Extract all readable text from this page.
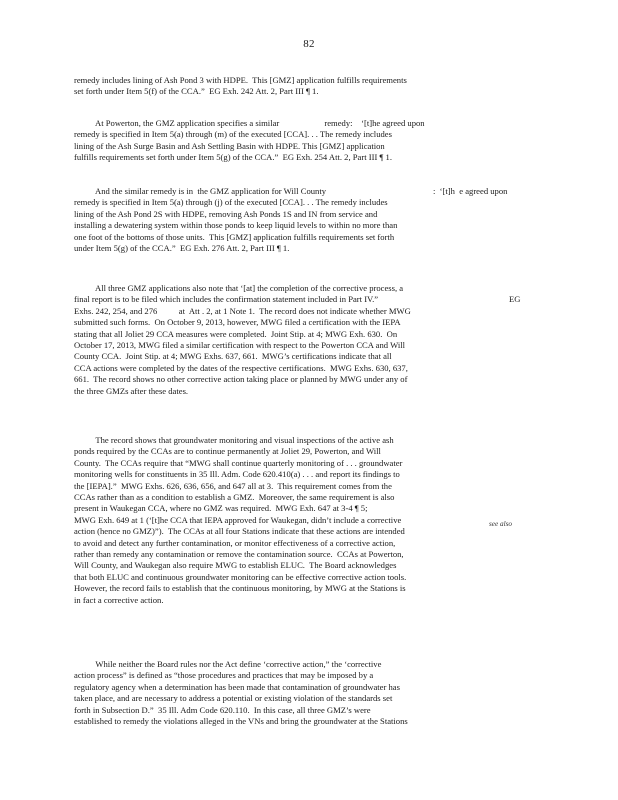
82
remedy includes lining of Ash Pond 3 with HDPE.  This [GMZ] application fulfills requirements
set forth under Item 5(f) of the CCA.”  EG Exh. 242 Att. 2, Part III ¶ 1.
At Powerton, the GMZ application specifies a similar                     remedy:    ‘[t]he agreed upon
remedy is specified in Item 5(a) through (m) of the executed [CCA]. . . The remedy includes
lining of the Ash Surge Basin and Ash Settling Basin with HDPE. This [GMZ] application
fulfills requirements set forth under Item 5(g) of the CCA.”  EG Exh. 254 Att. 2, Part III ¶ 1.
And the similar remedy is in  the GMZ application for Will County
remedy is specified in Item 5(a) through (j) of the executed [CCA]. . . The remedy includes
lining of the Ash Pond 2S with HDPE, removing Ash Ponds 1S and IN from service and
installing a dewatering system within those ponds to keep liquid levels to within no more than
one foot of the bottoms of those units.  This [GMZ] application fulfills requirements set forth
under Item 5(g) of the CCA.”  EG Exh. 276 Att. 2, Part III ¶ 1.
:  ‘[t]h  e agreed upon
All three GMZ applications also note that ‘[at] the completion of the corrective process, a
final report is to be filed which includes the confirmation statement included in Part IV.”
Exhs. 242, 254, and 276          at  Att . 2, at 1 Note 1.  The record does not indicate whether MWG
submitted such forms.  On October 9, 2013, however, MWG filed a certification with the IEPA
stating that all Joliet 29 CCA measures were completed.  Joint Stip. at 4; MWG Exh. 630.  On
October 17, 2013, MWG filed a similar certification with respect to the Powerton CCA and Will
County CCA.  Joint Stip. at 4; MWG Exhs. 637, 661.  MWG’s certifications indicate that all
CCA actions were completed by the dates of the respective certifications.  MWG Exhs. 630, 637,
661.  The record shows no other corrective action taking place or planned by MWG under any of
the three GMZs after these dates.
EG
The record shows that groundwater monitoring and visual inspections of the active ash
ponds required by the CCAs are to continue permanently at Joliet 29, Powerton, and Will
County.  The CCAs require that “MWG shall continue quarterly monitoring of . . . groundwater
monitoring wells for constituents in 35 Ill. Adm. Code 620.410(a) . . . and report its findings to
the [IEPA].”  MWG Exhs. 626, 636, 656, and 647 all at 3.  This requirement comes from the
CCAs rather than as a condition to establish a GMZ.  Moreover, the same requirement is also
present in Waukegan CCA, where no GMZ was required.  MWG Exh. 647 at 3-4 ¶ 5;
MWG Exh. 649 at 1 (‘[t]he CCA that IEPA approved for Waukegan, didn’t include a corrective
action (hence no GMZ)”).  The CCAs at all four Stations indicate that these actions are intended
to avoid and detect any further contamination, or monitor effectiveness of a corrective action,
rather than remedy any contamination or remove the contamination source.  CCAs at Powerton,
Will County, and Waukegan also require MWG to establish ELUC.  The Board acknowledges
that both ELUC and continuous groundwater monitoring can be effective corrective action tools.
However, the record fails to establish that the continuous monitoring, by MWG at the Stations is
in fact a corrective action.
see also
While neither the Board rules nor the Act define ‘corrective action,” the ‘corrective
action process” is defined as “those procedures and practices that may be imposed by a
regulatory agency when a determination has been made that contamination of groundwater has
taken place, and are necessary to address a potential or existing violation of the standards set
forth in Subsection D.”  35 Ill. Adm Code 620.110.  In this case, all three GMZ’s were
established to remedy the violations alleged in the VNs and bring the groundwater at the Stations
